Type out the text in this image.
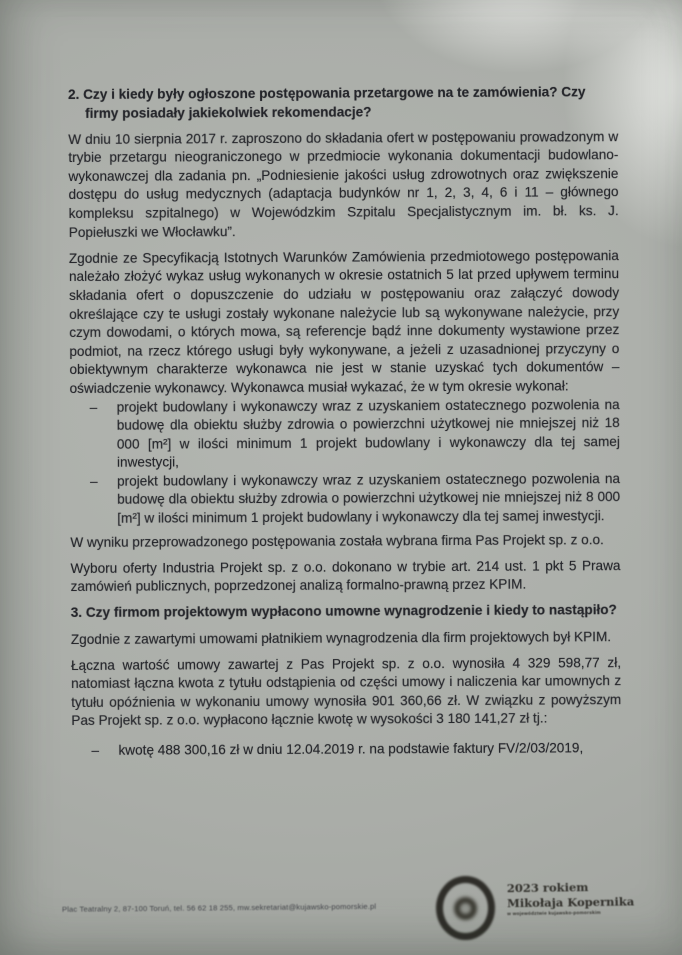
2. Czy i kiedy były ogłoszone postępowania przetargowe na te zamówienia? Czy firmy posiadały jakiekolwiek rekomendacje?

W dniu 10 sierpnia 2017 r. zaproszono do składania ofert w postępowaniu prowadzonym w trybie przetargu nieograniczonego w przedmiocie wykonania dokumentacji budowlano-wykonawczej dla zadania pn. „Podniesienie jakości usług zdrowotnych oraz zwiększenie dostępu do usług medycznych (adaptacja budynków nr 1, 2, 3, 4, 6 i 11 – głównego kompleksu szpitalnego) w Wojewódzkim Szpitalu Specjalistycznym im. bł. ks. J. Popiełuszki we Włocławku”.

Zgodnie ze Specyfikacją Istotnych Warunków Zamówienia przedmiotowego postępowania należało złożyć wykaz usług wykonanych w okresie ostatnich 5 lat przed upływem terminu składania ofert o dopuszczenie do udziału w postępowaniu oraz załączyć dowody określające czy te usługi zostały wykonane należycie lub są wykonywane należycie, przy czym dowodami, o których mowa, są referencje bądź inne dokumenty wystawione przez podmiot, na rzecz którego usługi były wykonywane, a jeżeli z uzasadnionej przyczyny o obiektywnym charakterze wykonawca nie jest w stanie uzyskać tych dokumentów – oświadczenie wykonawcy. Wykonawca musiał wykazać, że w tym okresie wykonał:

– projekt budowlany i wykonawczy wraz z uzyskaniem ostatecznego pozwolenia na budowę dla obiektu służby zdrowia o powierzchni użytkowej nie mniejszej niż 18 000 [m²] w ilości minimum 1 projekt budowlany i wykonawczy dla tej samej inwestycji,
– projekt budowlany i wykonawczy wraz z uzyskaniem ostatecznego pozwolenia na budowę dla obiektu służby zdrowia o powierzchni użytkowej nie mniejszej niż 8 000 [m²] w ilości minimum 1 projekt budowlany i wykonawczy dla tej samej inwestycji.

W wyniku przeprowadzonego postępowania została wybrana firma Pas Projekt sp. z o.o.

Wyboru oferty Industria Projekt sp. z o.o. dokonano w trybie art. 214 ust. 1 pkt 5 Prawa zamówień publicznych, poprzedzonej analizą formalno-prawną przez KPIM.

3. Czy firmom projektowym wypłacono umowne wynagrodzenie i kiedy to nastąpiło?

Zgodnie z zawartymi umowami płatnikiem wynagrodzenia dla firm projektowych był KPIM.

Łączna wartość umowy zawartej z Pas Projekt sp. z o.o. wynosiła 4 329 598,77 zł, natomiast łączna kwota z tytułu odstąpienia od części umowy i naliczenia kar umownych z tytułu opóźnienia w wykonaniu umowy wynosiła 901 360,66 zł. W związku z powyższym Pas Projekt sp. z o.o. wypłacono łącznie kwotę w wysokości 3 180 141,27 zł tj.:

– kwotę 488 300,16 zł w dniu 12.04.2019 r. na podstawie faktury FV/2/03/2019,
Plac Teatralny 2, 87-100 Toruń, tel. 56 62 18 255, mw.sekretariat@kujawsko-pomorskie.pl
2023 rokiem
Mikołaja Kopernika
w województwie kujawsko-pomorskim
